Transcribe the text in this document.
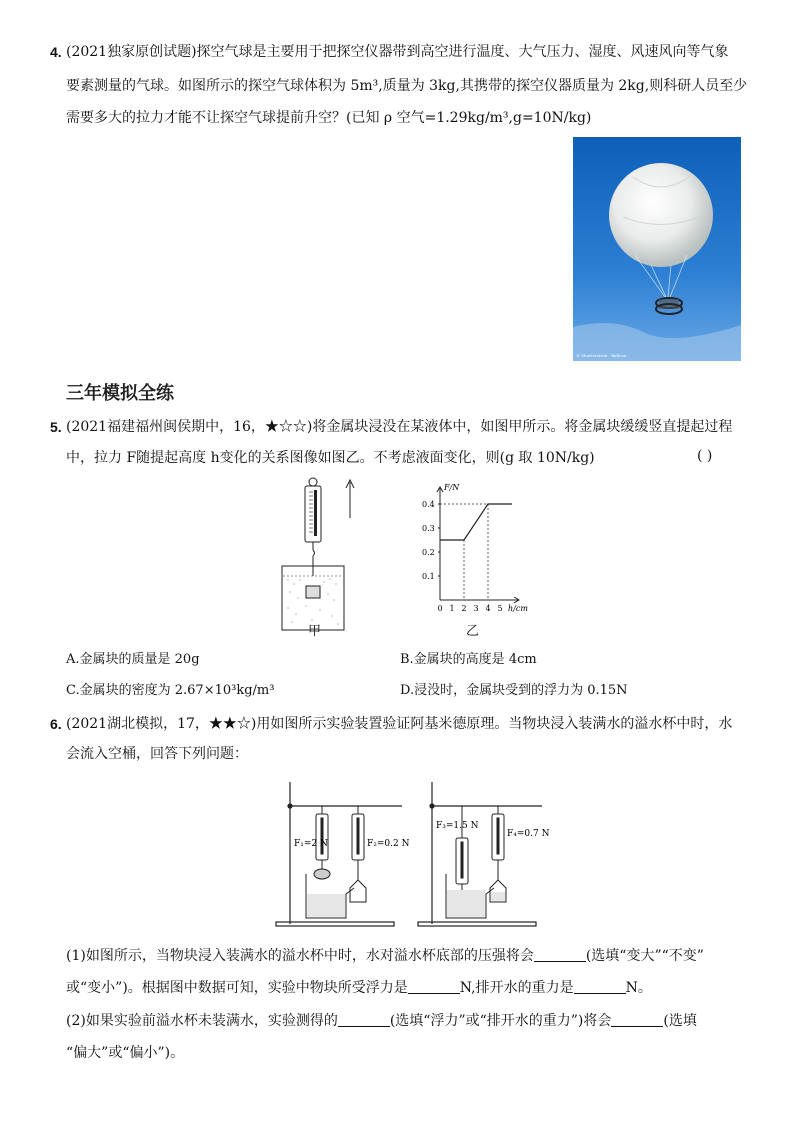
4. (2021独家原创试题)探空气球是主要用于把探空仪器带到高空进行温度、大气压力、湿度、风速风向等气象
要素测量的气球。如图所示的探空气球体积为 5m³,质量为 3kg,其携带的探空仪器质量为 2kg,则科研人员至少
需要多大的拉力才能不让探空气球提前升空？(已知 ρ 空气=1.29kg/m³,g=10N/kg)
© Shutterstock · Balloon
三年模拟全练
5. (2021福建福州闽侯期中，16，★☆☆)将金属块浸没在某液体中，如图甲所示。将金属块缓缓竖直提起过程
中，拉力 F随提起高度 h变化的关系图像如图乙。不考虑液面变化，则(g 取 10N/kg)	( )
甲
F/N
h/cm
0 1 2 3 4 5
0.1
0.2
0.3
0.4
乙
A.金属块的质量是 20g	B.金属块的高度是 4cm
C.金属块的密度为 2.67×10³kg/m³	D.浸没时，金属块受到的浮力为 0.15N
6. (2021湖北模拟，17，★★☆)用如图所示实验装置验证阿基米德原理。当物块浸入装满水的溢水杯中时，水
会流入空桶，回答下列问题：
F₁=2 N	F₂=0.2 N
F₃=1.5 N
F₄=0.7 N
(1)如图所示，当物块浸入装满水的溢水杯中时，水对溢水杯底部的压强将会	(选填“变大”“不变”
或“变小”)。根据图中数据可知，实验中物块所受浮力是	N,排开水的重力是	N。
(2)如果实验前溢水杯未装满水，实验测得的	(选填“浮力”或“排开水的重力”)将会	(选填
“偏大”或“偏小”)。
